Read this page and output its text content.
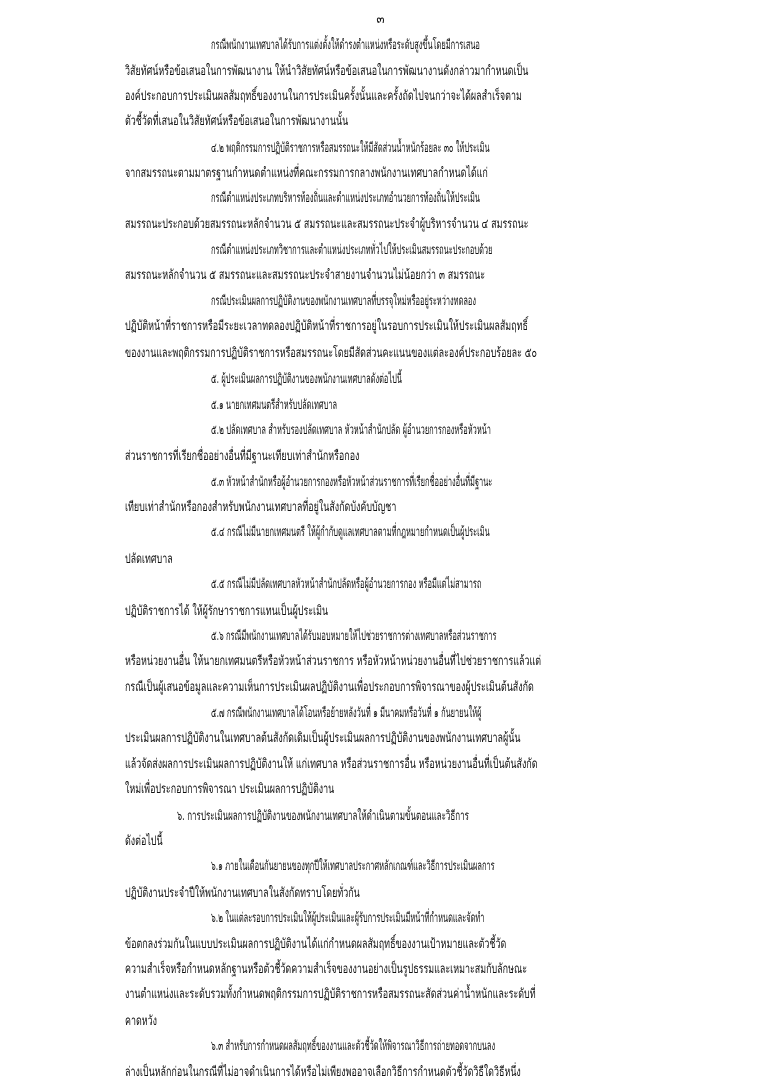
๓
กรณีพนักงานเทศบาลได้รับการแต่งตั้งให้ดำรงตำแหน่งหรือระดับสูงขึ้นโดยมีการเสนอ
วิสัยทัศน์หรือข้อเสนอในการพัฒนางาน ให้นำวิสัยทัศน์หรือข้อเสนอในการพัฒนางานดังกล่าวมากำหนดเป็น
องค์ประกอบการประเมินผลสัมฤทธิ์ของงานในการประเมินครั้งนั้นและครั้งถัดไปจนกว่าจะได้ผลสำเร็จตาม
ตัวชี้วัดที่เสนอในวิสัยทัศน์หรือข้อเสนอในการพัฒนางานนั้น
๔.๒ พฤติกรรมการปฏิบัติราชการหรือสมรรถนะให้มีสัดส่วนน้ำหนักร้อยละ ๓๐ ให้ประเมิน
จากสมรรถนะตามมาตรฐานกำหนดตำแหน่งที่คณะกรรมการกลางพนักงานเทศบาลกำหนดได้แก่
กรณีตำแหน่งประเภทบริหารท้องถิ่นและตำแหน่งประเภทอำนวยการท้องถิ่นให้ประเมิน
สมรรถนะประกอบด้วยสมรรถนะหลักจำนวน ๕ สมรรถนะและสมรรถนะประจำผู้บริหารจำนวน ๔ สมรรถนะ
กรณีตำแหน่งประเภทวิชาการและตำแหน่งประเภททั่วไปให้ประเมินสมรรถนะประกอบด้วย
สมรรถนะหลักจำนวน ๕ สมรรถนะและสมรรถนะประจำสายงานจำนวนไม่น้อยกว่า ๓ สมรรถนะ
กรณีประเมินผลการปฏิบัติงานของพนักงานเทศบาลที่บรรจุใหม่หรืออยู่ระหว่างทดลอง
ปฏิบัติหน้าที่ราชการหรือมีระยะเวลาทดลองปฏิบัติหน้าที่ราชการอยู่ในรอบการประเมินให้ประเมินผลสัมฤทธิ์
ของงานและพฤติกรรมการปฏิบัติราชการหรือสมรรถนะโดยมีสัดส่วนคะแนนของแต่ละองค์ประกอบร้อยละ ๕๐
๕. ผู้ประเมินผลการปฏิบัติงานของพนักงานเทศบาลดังต่อไปนี้
๕.๑ นายกเทศมนตรีสำหรับปลัดเทศบาล
๕.๒ ปลัดเทศบาล สำหรับรองปลัดเทศบาล หัวหน้าสำนักปลัด ผู้อำนวยการกองหรือหัวหน้า
ส่วนราชการที่เรียกชื่ออย่างอื่นที่มีฐานะเทียบเท่าสำนักหรือกอง
๕.๓ หัวหน้าสำนักหรือผู้อำนวยการกองหรือหัวหน้าส่วนราชการที่เรียกชื่ออย่างอื่นที่มีฐานะ
เทียบเท่าสำนักหรือกองสำหรับพนักงานเทศบาลที่อยู่ในสังกัดบังคับบัญชา
๕.๔ กรณีไม่มีนายกเทศมนตรี ให้ผู้กำกับดูแลเทศบาลตามที่กฎหมายกำหนดเป็นผู้ประเมิน
ปลัดเทศบาล
๕.๕ กรณีไม่มีปลัดเทศบาลหัวหน้าสำนักปลัดหรือผู้อำนวยการกอง หรือมีแต่ไม่สามารถ
ปฏิบัติราชการได้ ให้ผู้รักษาราชการแทนเป็นผู้ประเมิน
๕.๖ กรณีมีพนักงานเทศบาลได้รับมอบหมายให้ไปช่วยราชการต่างเทศบาลหรือส่วนราชการ
หรือหน่วยงานอื่น ให้นายกเทศมนตรีหรือหัวหน้าส่วนราชการ หรือหัวหน้าหน่วยงานอื่นที่ไปช่วยราชการแล้วแต่
กรณีเป็นผู้เสนอข้อมูลและความเห็นการประเมินผลปฏิบัติงานเพื่อประกอบการพิจารณาของผู้ประเมินต้นสังกัด
๕.๗ กรณีพนักงานเทศบาลได้โอนหรือย้ายหลังวันที่ ๑ มีนาคมหรือวันที่ ๑ กันยายนให้ผู้
ประเมินผลการปฏิบัติงานในเทศบาลต้นสังกัดเดิมเป็นผู้ประเมินผลการปฏิบัติงานของพนักงานเทศบาลผู้นั้น
แล้วจัดส่งผลการประเมินผลการปฏิบัติงานให้ แก่เทศบาล หรือส่วนราชการอื่น หรือหน่วยงานอื่นที่เป็นต้นสังกัด
ใหม่เพื่อประกอบการพิจารณา ประเมินผลการปฏิบัติงาน
๖. การประเมินผลการปฏิบัติงานของพนักงานเทศบาลให้ดำเนินตามขั้นตอนและวิธีการ
ดังต่อไปนี้
๖.๑ ภายในเดือนกันยายนของทุกปีให้เทศบาลประกาศหลักเกณฑ์และวิธีการประเมินผลการ
ปฏิบัติงานประจำปีให้พนักงานเทศบาลในสังกัดทราบโดยทั่วกัน
๖.๒ ในแต่ละรอบการประเมินให้ผู้ประเมินและผู้รับการประเมินมีหน้าที่กำหนดและจัดทำ
ข้อตกลงร่วมกันในแบบประเมินผลการปฏิบัติงานได้แก่กำหนดผลสัมฤทธิ์ของงานเป้าหมายและตัวชี้วัด
ความสำเร็จหรือกำหนดหลักฐานหรือตัวชี้วัดความสำเร็จของงานอย่างเป็นรูปธรรมและเหมาะสมกับลักษณะ
งานตำแหน่งและระดับรวมทั้งกำหนดพฤติกรรมการปฏิบัติราชการหรือสมรรถนะสัดส่วนค่าน้ำหนักและระดับที่
คาดหวัง
๖.๓ สำหรับการกำหนดผลสัมฤทธิ์ของงานและตัวชี้วัดให้พิจารณาวิธีการถ่ายทอดจากบนลง
ล่างเป็นหลักก่อนในกรณีที่ไม่อาจดำเนินการได้หรือไม่เพียงพออาจเลือกวิธีการกำหนดตัวชี้วัดวิธีใดวิธีหนึ่ง
